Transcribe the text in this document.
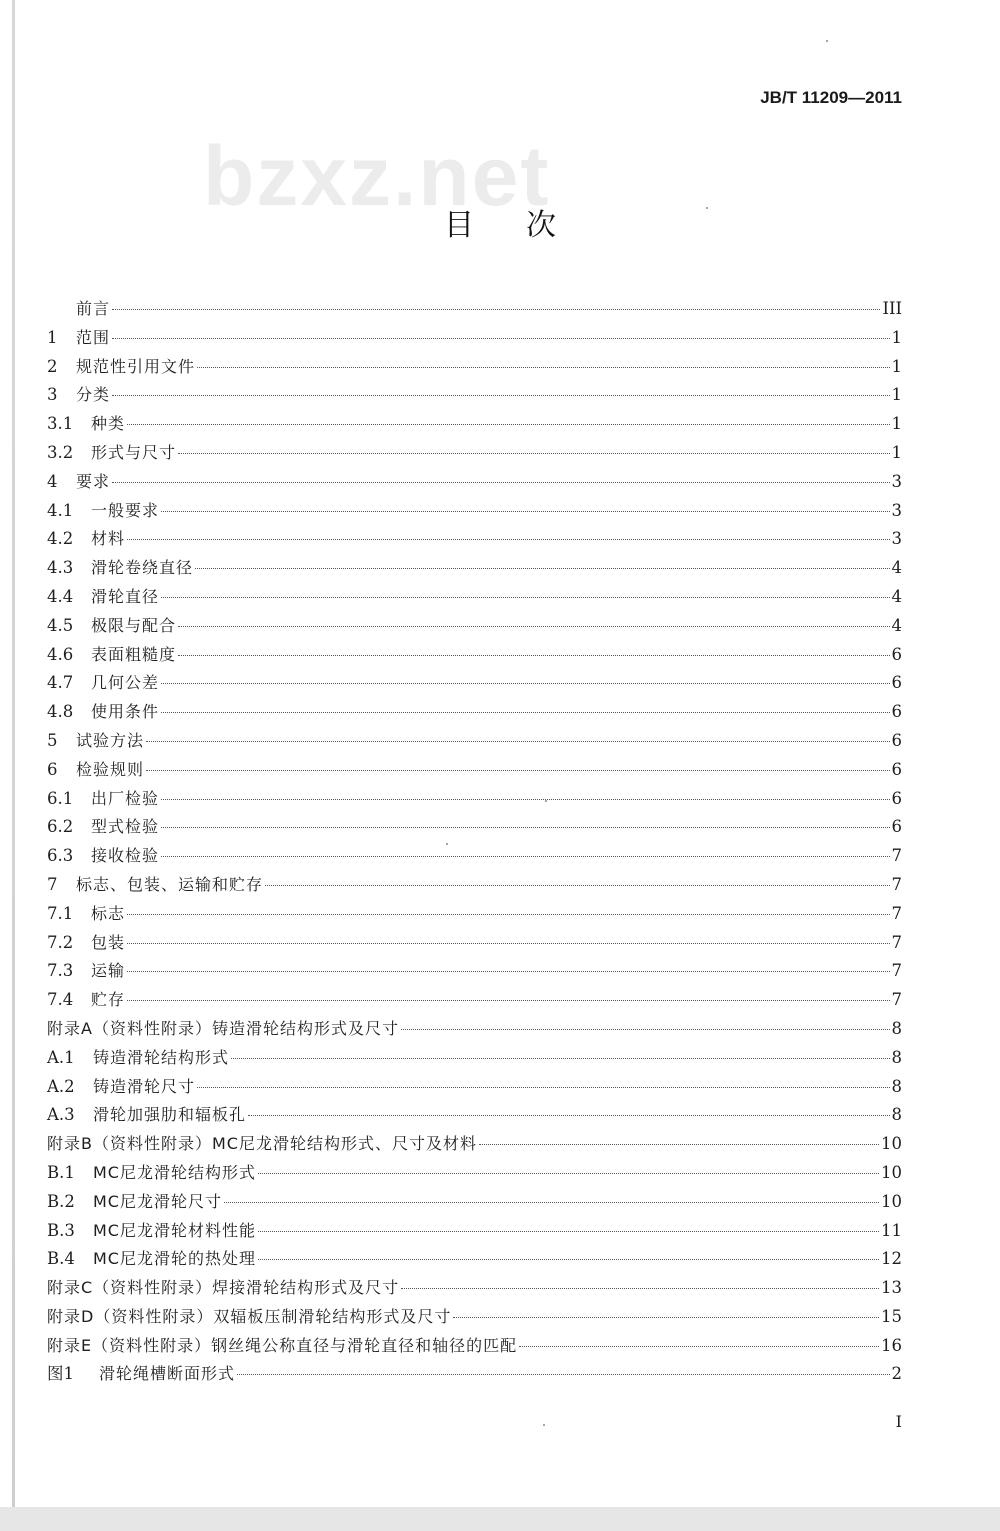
JB/T 11209—2011
bzxz.net
目次
前言	III
1	范围	1
2	规范性引用文件	1
3	分类	1
3.1	种类	1
3.2	形式与尺寸	1
4	要求	3
4.1	一般要求	3
4.2	材料	3
4.3	滑轮卷绕直径	4
4.4	滑轮直径	4
4.5	极限与配合	4
4.6	表面粗糙度	6
4.7	几何公差	6
4.8	使用条件	6
5	试验方法	6
6	检验规则	6
6.1	出厂检验	6
6.2	型式检验	6
6.3	接收检验	7
7	标志、包装、运输和贮存	7
7.1	标志	7
7.2	包装	7
7.3	运输	7
7.4	贮存	7
附录A（资料性附录）铸造滑轮结构形式及尺寸	8
A.1	铸造滑轮结构形式	8
A.2	铸造滑轮尺寸	8
A.3	滑轮加强肋和辐板孔	8
附录B（资料性附录）MC尼龙滑轮结构形式、尺寸及材料	10
B.1	MC尼龙滑轮结构形式	10
B.2	MC尼龙滑轮尺寸	10
B.3	MC尼龙滑轮材料性能	11
B.4	MC尼龙滑轮的热处理	12
附录C（资料性附录）焊接滑轮结构形式及尺寸	13
附录D（资料性附录）双辐板压制滑轮结构形式及尺寸	15
附录E（资料性附录）钢丝绳公称直径与滑轮直径和轴径的匹配	16
图1	滑轮绳槽断面形式	2
I
